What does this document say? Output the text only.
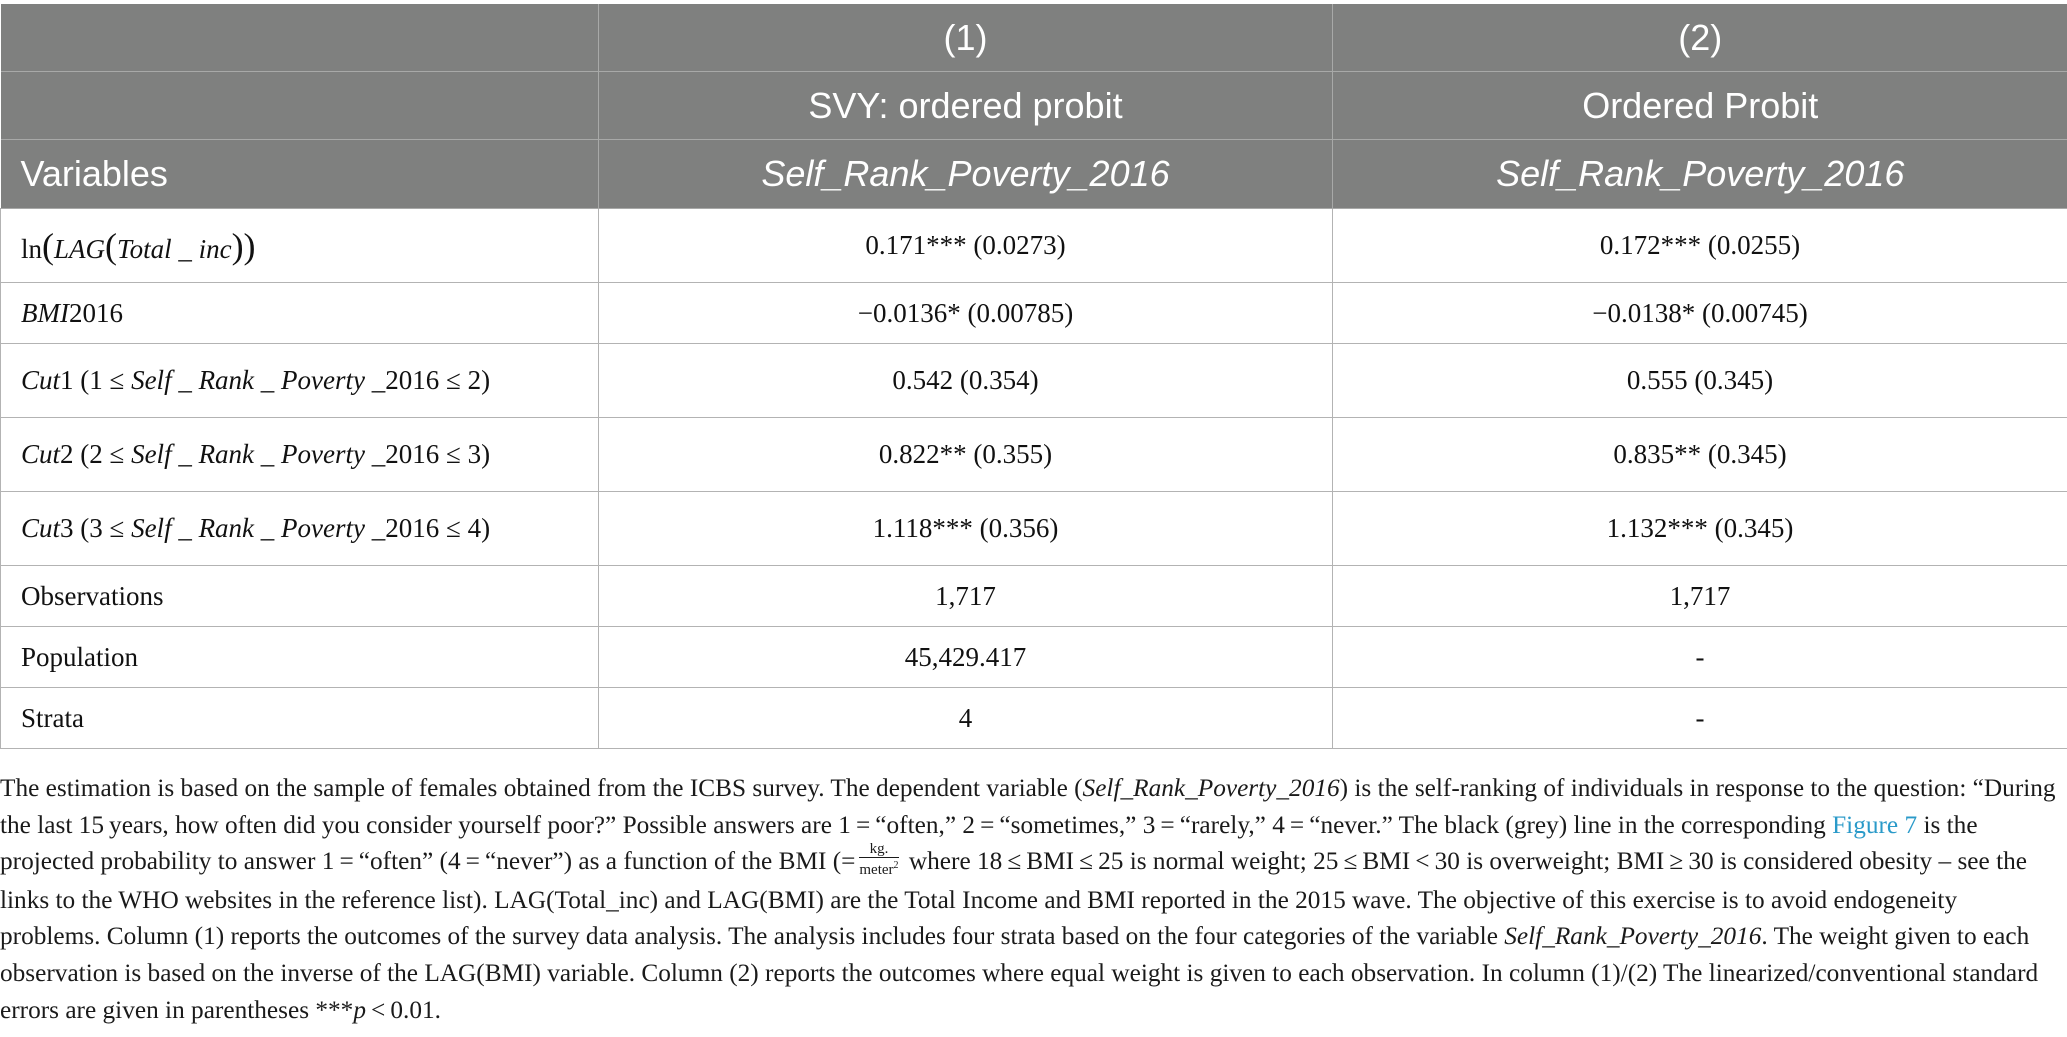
	(1)	(2)
	SVY: ordered probit	Ordered Probit
Variables	Self_Rank_Poverty_2016	Self_Rank_Poverty_2016
ln(LAG(Total _ inc))	0.171*** (0.0273)	0.172*** (0.0255)
BMI2016	−0.0136* (0.00785)	−0.0138* (0.00745)
Cut1 (1 ≤ Self _ Rank _ Poverty _2016 ≤ 2)	0.542 (0.354)	0.555 (0.345)
Cut2 (2 ≤ Self _ Rank _ Poverty _2016 ≤ 3)	0.822** (0.355)	0.835** (0.345)
Cut3 (3 ≤ Self _ Rank _ Poverty _2016 ≤ 4)	1.118*** (0.356)	1.132*** (0.345)
Observations	1,717	1,717
Population	45,429.417	-
Strata	4	-

The estimation is based on the sample of females obtained from the ICBS survey. The dependent variable (Self_Rank_Poverty_2016) is the self-ranking of individuals in response to the question: “During the last 15 years, how often did you consider yourself poor?” Possible answers are 1 = “often,” 2 = “sometimes,” 3 = “rarely,” 4 = “never.” The black (grey) line in the corresponding Figure 7 is the projected probability to answer 1 = “often” (4 = “never”) as a function of the BMI (= $\frac{kg.}{meter^2}$ where 18 ≤ BMI ≤ 25 is normal weight; 25 ≤ BMI < 30 is overweight; BMI ≥ 30 is considered obesity – see the links to the WHO websites in the reference list). LAG(Total_inc) and LAG(BMI) are the Total Income and BMI reported in the 2015 wave. The objective of this exercise is to avoid endogeneity problems. Column (1) reports the outcomes of the survey data analysis. The analysis includes four strata based on the four categories of the variable Self_Rank_Poverty_2016. The weight given to each observation is based on the inverse of the LAG(BMI) variable. Column (2) reports the outcomes where equal weight is given to each observation. In column (1)/(2) The linearized/conventional standard errors are given in parentheses ***p < 0.01.
